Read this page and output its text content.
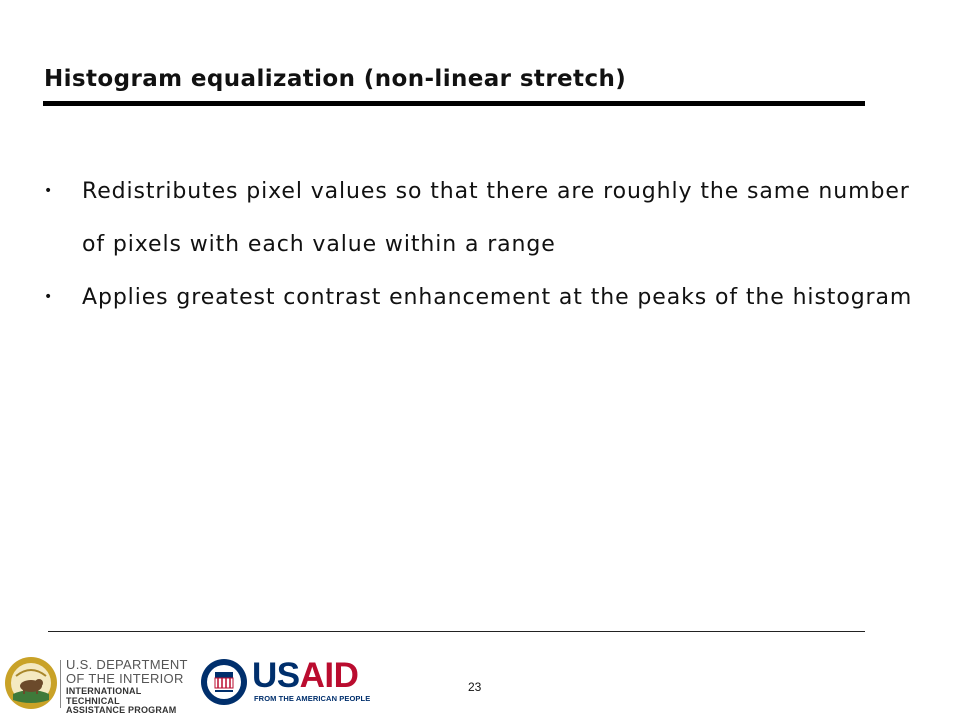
Histogram equalization (non-linear stretch)
• Redistributes pixel values so that there are roughly the same number of pixels with each value within a range
• Applies greatest contrast enhancement at the peaks of the histogram
U.S. DEPARTMENT
OF THE INTERIOR
INTERNATIONAL TECHNICAL
ASSISTANCE PROGRAM
USAID
FROM THE AMERICAN PEOPLE
23
